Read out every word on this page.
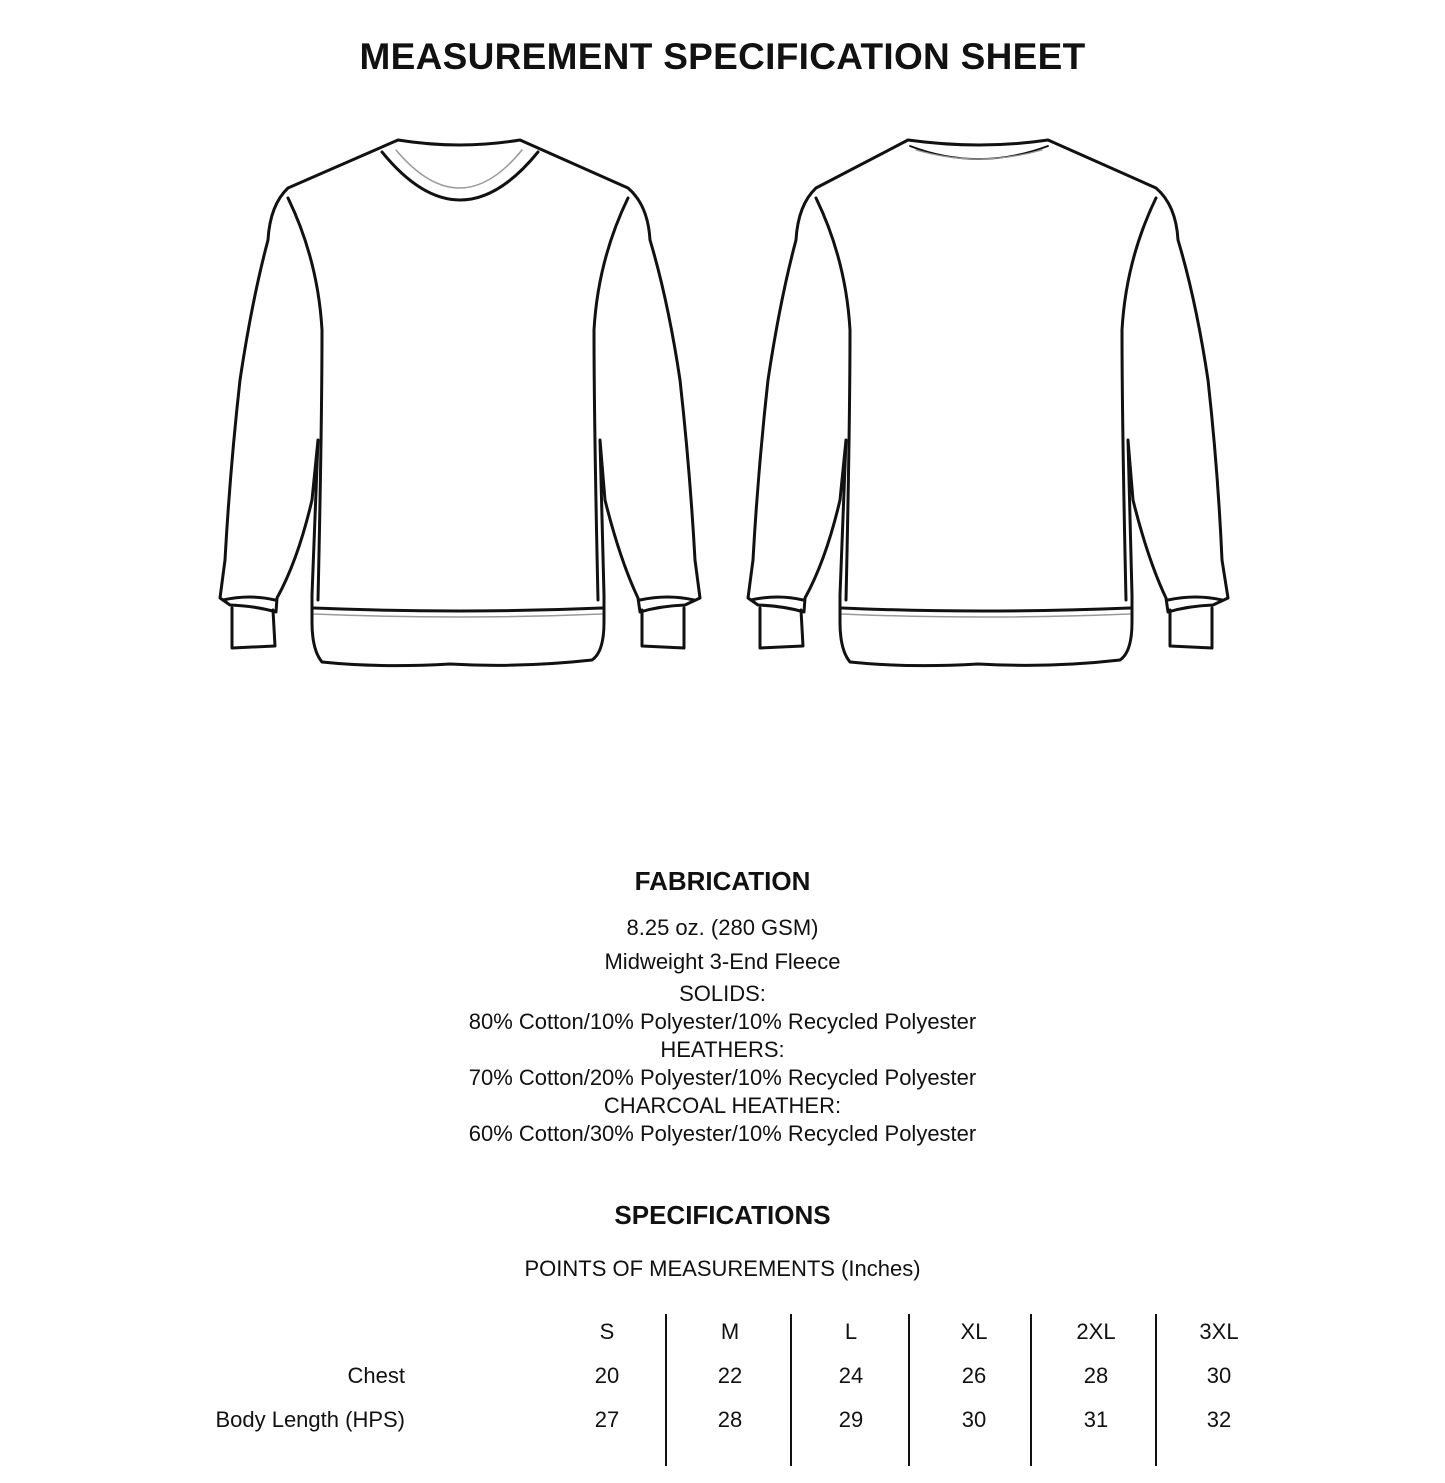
MEASUREMENT SPECIFICATION SHEET
FABRICATION
8.25 oz. (280 GSM)
Midweight 3-End Fleece
SOLIDS:
80% Cotton/10% Polyester/10% Recycled Polyester
HEATHERS:
70% Cotton/20% Polyester/10% Recycled Polyester
CHARCOAL HEATHER:
60% Cotton/30% Polyester/10% Recycled Polyester
SPECIFICATIONS
POINTS OF MEASUREMENTS (Inches)
Chest
Body Length (HPS)
S
20
27
M
22
28
L
24
29
XL
26
30
2XL
28
31
3XL
30
32
